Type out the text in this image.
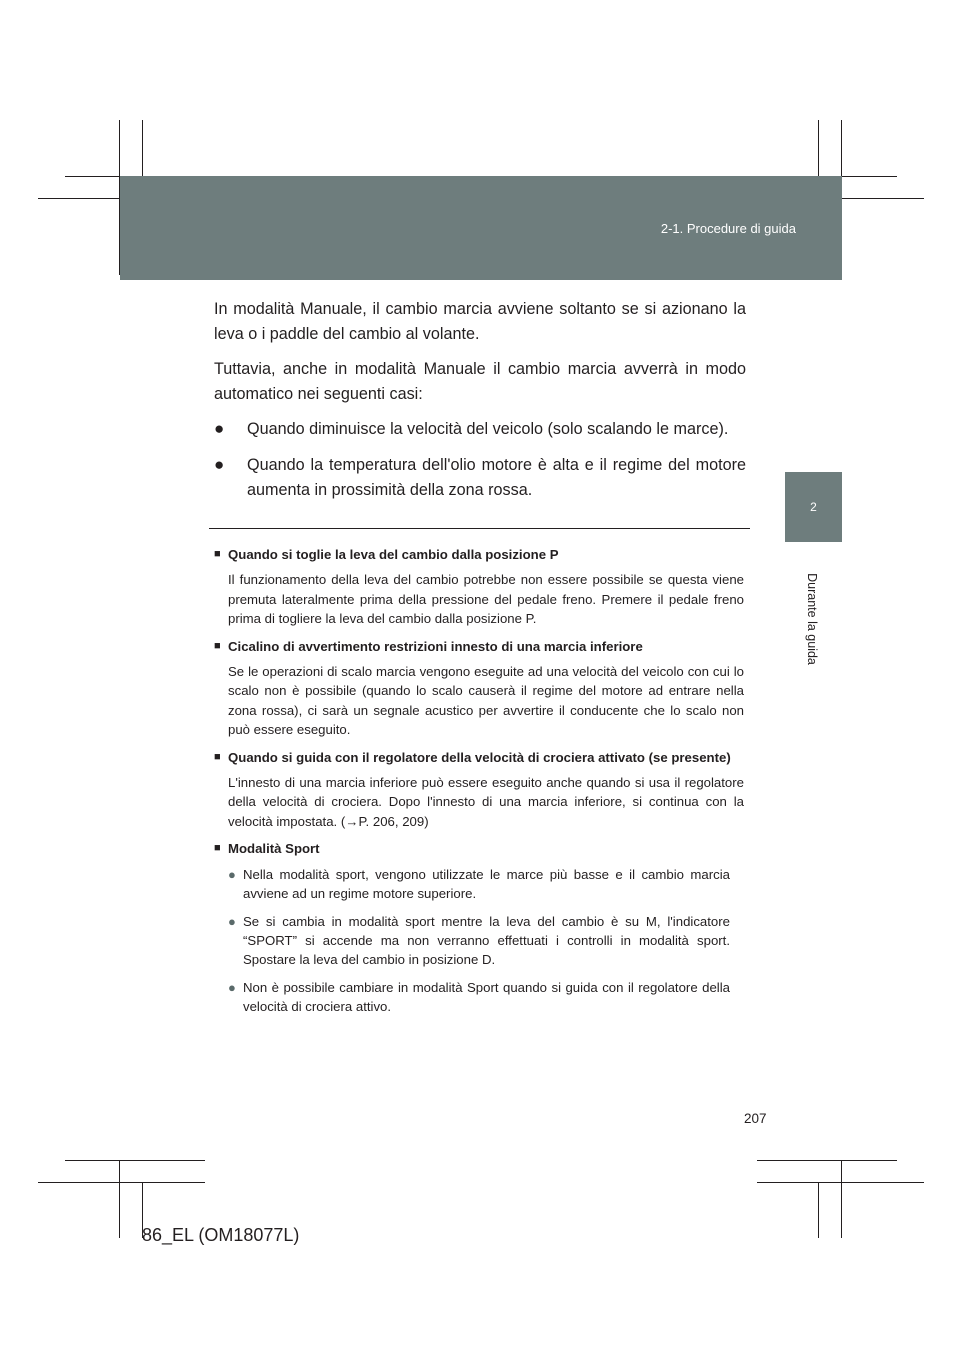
2-1. Procedure di guida
2
Durante la guida

In modalità Manuale, il cambio marcia avviene soltanto se si azionano la leva o i paddle del cambio al volante.

Tuttavia, anche in modalità Manuale il cambio marcia avverrà in modo automatico nei seguenti casi:

●	Quando diminuisce la velocità del veicolo (solo scalando le marce).
●	Quando la temperatura dell'olio motore è alta e il regime del motore aumenta in prossimità della zona rossa.
■ Quando si toglie la leva del cambio dalla posizione P
Il funzionamento della leva del cambio potrebbe non essere possibile se questa viene premuta lateralmente prima della pressione del pedale freno. Premere il pedale freno prima di togliere la leva del cambio dalla posizione P.
■ Cicalino di avvertimento restrizioni innesto di una marcia inferiore
Se le operazioni di scalo marcia vengono eseguite ad una velocità del veicolo con cui lo scalo non è possibile (quando lo scalo causerà il regime del motore ad entrare nella zona rossa), ci sarà un segnale acustico per avvertire il conducente che lo scalo non può essere eseguito.
■ Quando si guida con il regolatore della velocità di crociera attivato (se presente)
L'innesto di una marcia inferiore può essere eseguito anche quando si usa il regolatore della velocità di crociera. Dopo l'innesto di una marcia inferiore, si continua con la velocità impostata. (→P. 206, 209)
■ Modalità Sport
● Nella modalità sport, vengono utilizzate le marce più basse e il cambio marcia avviene ad un regime motore superiore.
● Se si cambia in modalità sport mentre la leva del cambio è su M, l'indicatore “SPORT” si accende ma non verranno effettuati i controlli in modalità sport. Spostare la leva del cambio in posizione D.
● Non è possibile cambiare in modalità Sport quando si guida con il regolatore della velocità di crociera attivo.
207
86_EL (OM18077L)
